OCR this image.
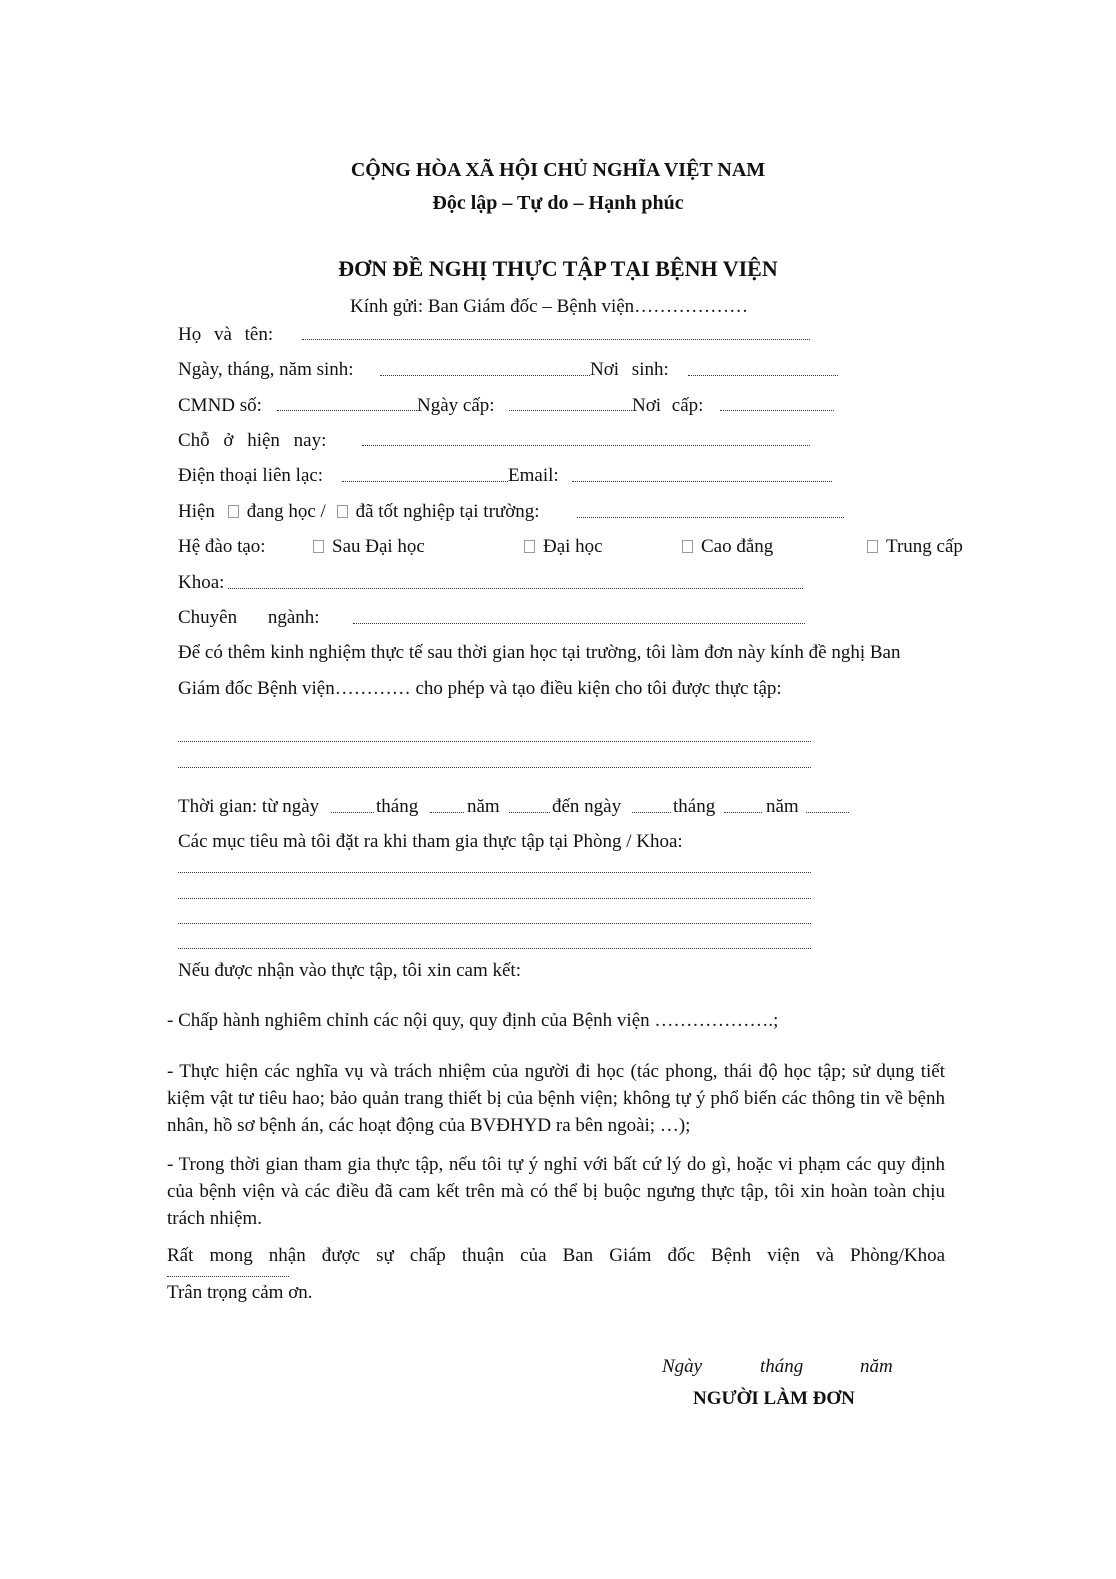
CỘNG HÒA XÃ HỘI CHỦ NGHĨA VIỆT NAM
Độc lập – Tự do – Hạnh phúc
ĐƠN ĐỀ NGHỊ THỰC TẬP TẠI BỆNH VIỆN
Kính gửi: Ban Giám đốc – Bệnh viện………………
Họ và tên:
Ngày, tháng, năm sinh:	Nơi sinh:
CMND số:	Ngày cấp:	Nơi cấp:
Chỗ ở hiện nay:
Điện thoại liên lạc:	Email:
Hiện đang học / đã tốt nghiệp tại trường:
Hệ đào tạo:	Sau Đại học	Đại học	Cao đẳng	Trung cấp
Khoa:
Chuyên ngành:
Để có thêm kinh nghiệm thực tế sau thời gian học tại trường, tôi làm đơn này kính đề nghị Ban
Giám đốc Bệnh viện………… cho phép và tạo điều kiện cho tôi được thực tập:
Thời gian: từ ngày	tháng	năm	đến ngày	tháng	năm
Các mục tiêu mà tôi đặt ra khi tham gia thực tập tại Phòng / Khoa:
Nếu được nhận vào thực tập, tôi xin cam kết:
- Chấp hành nghiêm chỉnh các nội quy, quy định của Bệnh viện ……………….;
- Thực hiện các nghĩa vụ và trách nhiệm của người đi học (tác phong, thái độ học tập; sử dụng tiết kiệm vật tư tiêu hao; bảo quản trang thiết bị của bệnh viện; không tự ý phổ biến các thông tin về bệnh nhân, hồ sơ bệnh án, các hoạt động của BVĐHYD ra bên ngoài; …);
- Trong thời gian tham gia thực tập, nếu tôi tự ý nghỉ với bất cứ lý do gì, hoặc vi phạm các quy định của bệnh viện và các điều đã cam kết trên mà có thể bị buộc ngưng thực tập, tôi xin hoàn toàn chịu trách nhiệm.
Rất mong nhận được sự chấp thuận của Ban Giám đốc Bệnh viện và Phòng/Khoa
Trân trọng cảm ơn.
Ngày	tháng	năm
NGƯỜI LÀM ĐƠN
